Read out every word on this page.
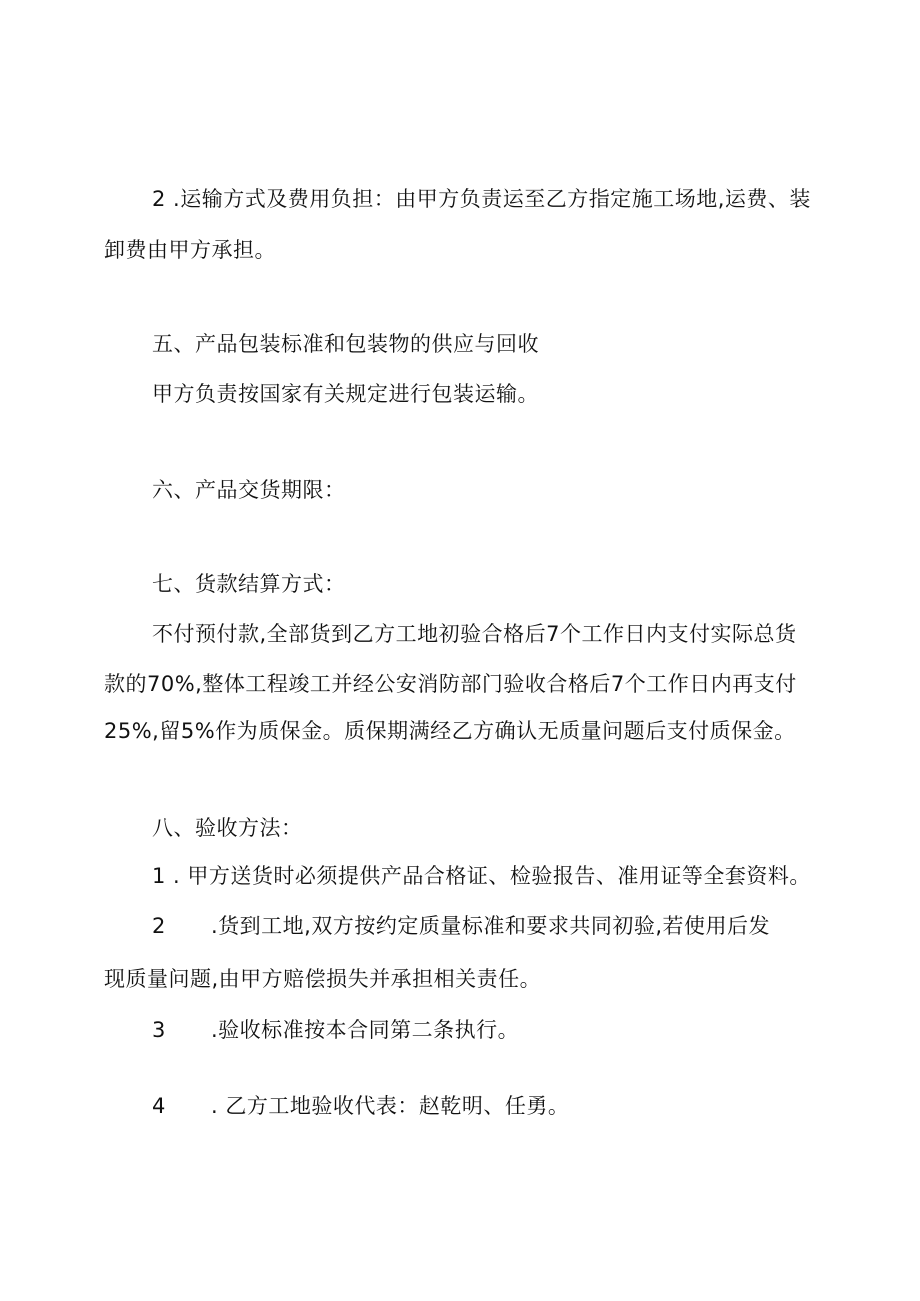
2 .运输方式及费用负担：由甲方负责运至乙方指定施工场地,运费、装
卸费由甲方承担。
五、产品包装标准和包装物的供应与回收
甲方负责按国家有关规定进行包装运输。
六、产品交货期限：
七、货款结算方式：
不付预付款,全部货到乙方工地初验合格后7个工作日内支付实际总货
款的70%,整体工程竣工并经公安消防部门验收合格后7个工作日内再支付
25%,留5%作为质保金。质保期满经乙方确认无质量问题后支付质保金。
八、验收方法：
1 . 甲方送货时必须提供产品合格证、检验报告、准用证等全套资料。
2 .货到工地,双方按约定质量标准和要求共同初验,若使用后发
现质量问题,由甲方赔偿损失并承担相关责任。
3 .验收标准按本合同第二条执行。
4 . 乙方工地验收代表：赵乾明、任勇。
